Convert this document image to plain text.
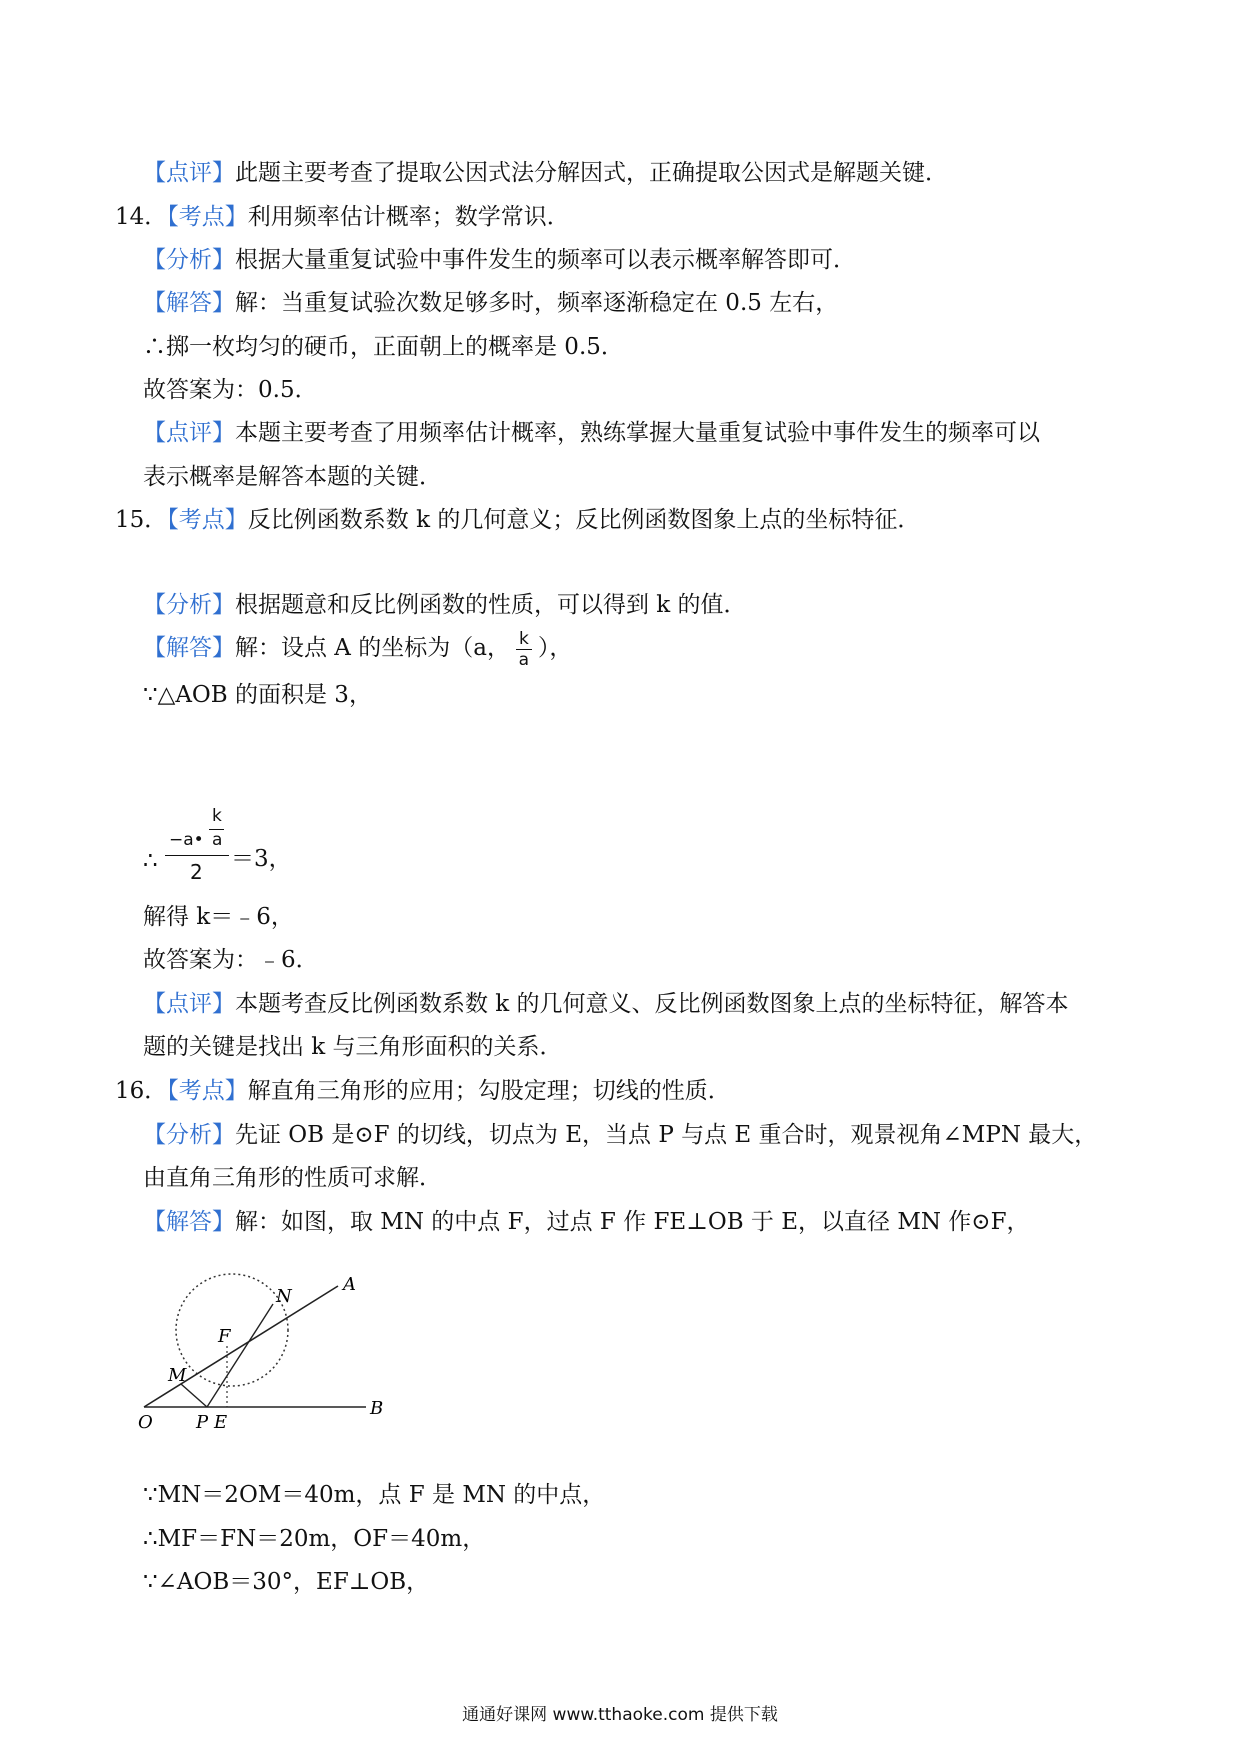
【点评】此题主要考查了提取公因式法分解因式，正确提取公因式是解题关键．
14．【考点】利用频率估计概率；数学常识．
【分析】根据大量重复试验中事件发生的频率可以表示概率解答即可．
【解答】解：当重复试验次数足够多时，频率逐渐稳定在 0.5 左右，
∴掷一枚均匀的硬币，正面朝上的概率是 0.5．
故答案为：0.5．
【点评】本题主要考查了用频率估计概率，熟练掌握大量重复试验中事件发生的频率可以
表示概率是解答本题的关键．
15．【考点】反比例函数系数 k 的几何意义；反比例函数图象上点的坐标特征．
【分析】根据题意和反比例函数的性质，可以得到 k 的值．
【解答】解：设点 A 的坐标为（a， $\frac{k}{a}$ ），
∵△AOB 的面积是 3，
∴
−a•
k
a
2 ＝3，
解得 k＝﹣6，
故答案为：﹣6．
【点评】本题考查反比例函数系数 k 的几何意义、反比例函数图象上点的坐标特征，解答本
题的关键是找出 k 与三角形面积的关系．
16．【考点】解直角三角形的应用；勾股定理；切线的性质．
【分析】先证 OB 是⊙F 的切线，切点为 E，当点 P 与点 E 重合时，观景视角∠MPN 最大，
由直角三角形的性质可求解．
【解答】解：如图，取 MN 的中点 F，过点 F 作 FE⊥OB 于 E，以直径 MN 作⊙F，
A
B
O
M
N
F
P E
∵MN＝2OM＝40m，点 F 是 MN 的中点，
∴MF＝FN＝20m，OF＝40m，
∵∠AOB＝30°，EF⊥OB，
通通好课网 www.tthaoke.com 提供下载
